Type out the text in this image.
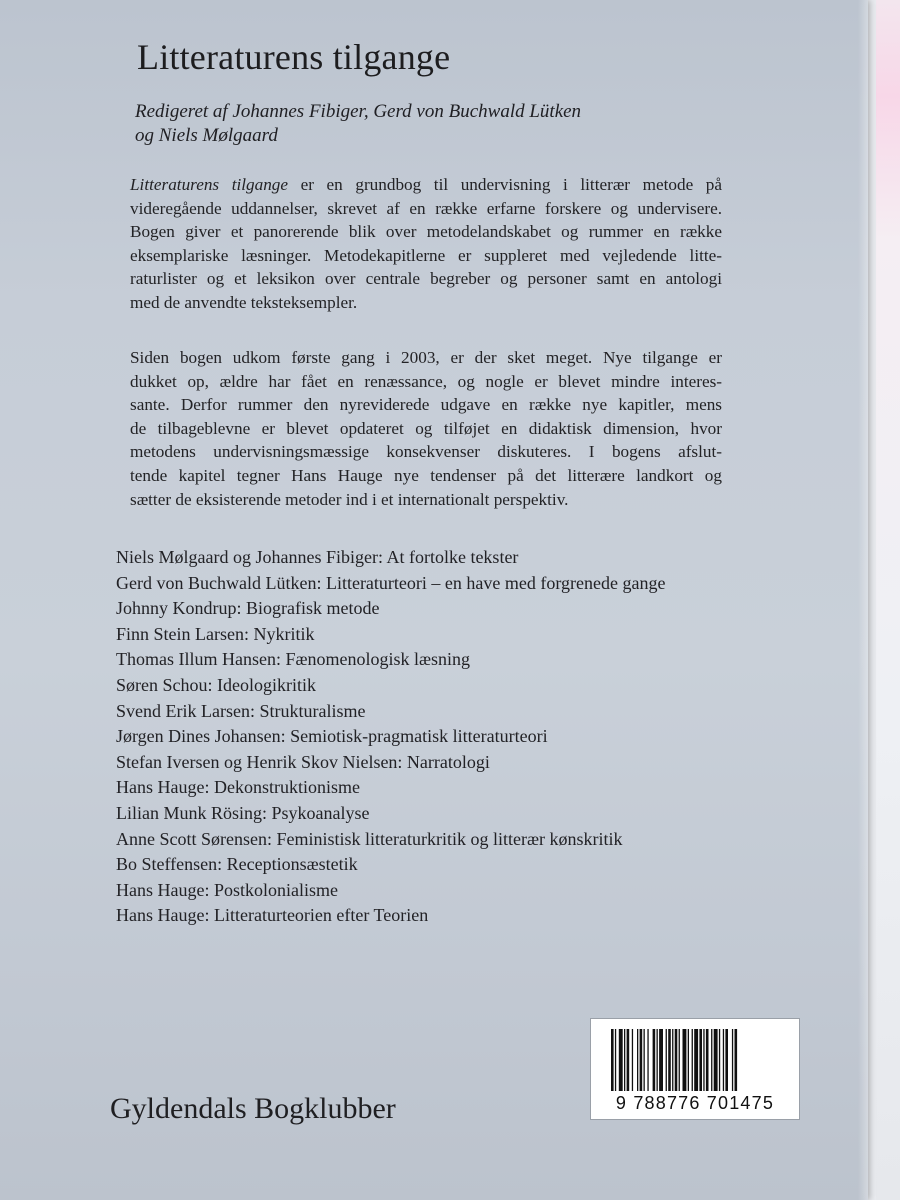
Litteraturens tilgange
Redigeret af Johannes Fibiger, Gerd von Buchwald Lütken
og Niels Mølgaard
Litteraturens tilgange er en grundbog til undervisning i litterær metode på
videregående uddannelser, skrevet af en række erfarne forskere og undervisere.
Bogen giver et panorerende blik over metodelandskabet og rummer en række
eksemplariske læsninger. Metodekapitlerne er suppleret med vejledende litte-
raturlister og et leksikon over centrale begreber og personer samt en antologi
med de anvendte teksteksempler.
Siden bogen udkom første gang i 2003, er der sket meget. Nye tilgange er
dukket op, ældre har fået en renæssance, og nogle er blevet mindre interes-
sante. Derfor rummer den nyreviderede udgave en række nye kapitler, mens
de tilbageblevne er blevet opdateret og tilføjet en didaktisk dimension, hvor
metodens undervisningsmæssige konsekvenser diskuteres. I bogens afslut-
tende kapitel tegner Hans Hauge nye tendenser på det litterære landkort og
sætter de eksisterende metoder ind i et internationalt perspektiv.
Niels Mølgaard og Johannes Fibiger: At fortolke tekster
Gerd von Buchwald Lütken: Litteraturteori – en have med forgrenede gange
Johnny Kondrup: Biografisk metode
Finn Stein Larsen: Nykritik
Thomas Illum Hansen: Fænomenologisk læsning
Søren Schou: Ideologikritik
Svend Erik Larsen: Strukturalisme
Jørgen Dines Johansen: Semiotisk-pragmatisk litteraturteori
Stefan Iversen og Henrik Skov Nielsen: Narratologi
Hans Hauge: Dekonstruktionisme
Lilian Munk Rösing: Psykoanalyse
Anne Scott Sørensen: Feministisk litteraturkritik og litterær kønskritik
Bo Steffensen: Receptionsæstetik
Hans Hauge: Postkolonialisme
Hans Hauge: Litteraturteorien efter Teorien
9 788776 701475
Gyldendals Bogklubber
